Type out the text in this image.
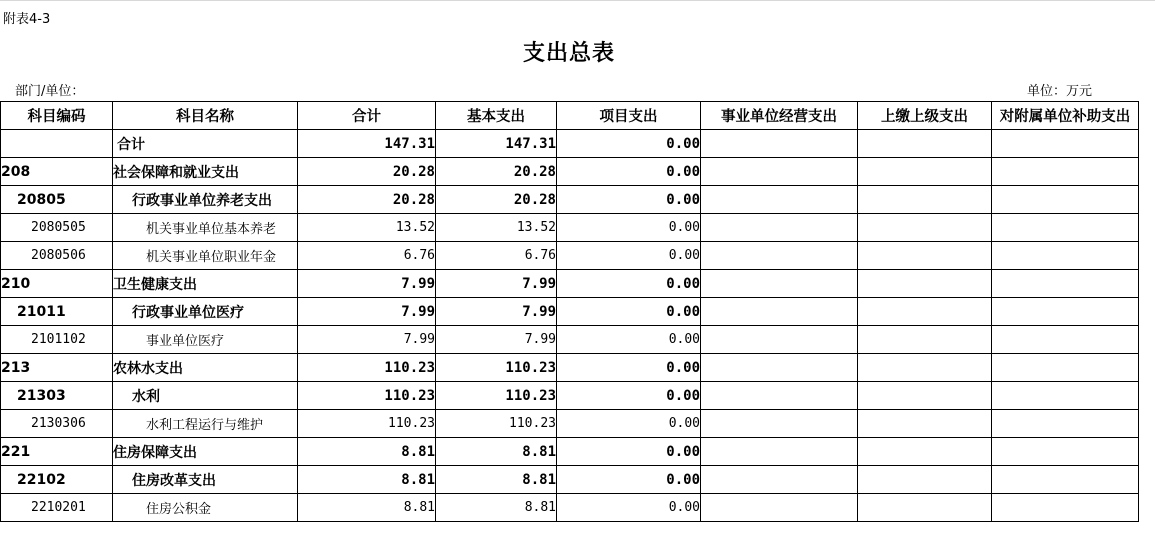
附表4-3
支出总表
部门/单位：	单位：万元
科目编码	科目名称	合计	基本支出	项目支出	事业单位经营支出	上缴上级支出	对附属单位补助支出
	合计	147.31	147.31	0.00			
208	社会保障和就业支出	20.28	20.28	0.00			
20805	行政事业单位养老支出	20.28	20.28	0.00			
2080505	机关事业单位基本养老	13.52	13.52	0.00			
2080506	机关事业单位职业年金	6.76	6.76	0.00			
210	卫生健康支出	7.99	7.99	0.00			
21011	行政事业单位医疗	7.99	7.99	0.00			
2101102	事业单位医疗	7.99	7.99	0.00			
213	农林水支出	110.23	110.23	0.00			
21303	水利	110.23	110.23	0.00			
2130306	水利工程运行与维护	110.23	110.23	0.00			
221	住房保障支出	8.81	8.81	0.00			
22102	住房改革支出	8.81	8.81	0.00			
2210201	住房公积金	8.81	8.81	0.00			
